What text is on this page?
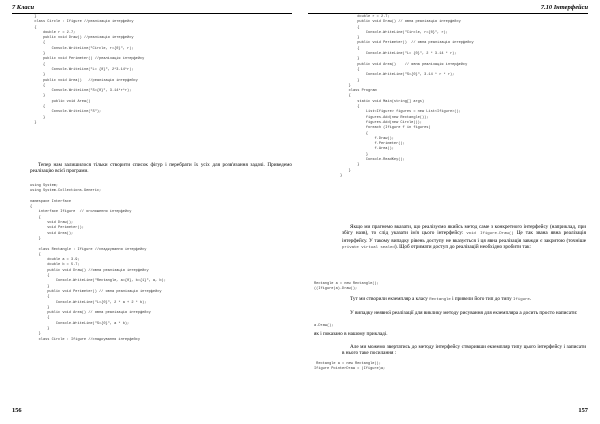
7 Класи
}
class Circle : Ifigure //реалізація інтерфейсу
{
double r = 2.7;
public void Draw() //реалізація інтерфейсу
{
Console.WriteLine("Circle, r={0}", r);
}
public void Perimeter() //реалізація інтерфейсу
{
Console.WriteLine("L= {0}", 2*3.14*r);
}
public void Area()   //реалізація інтерфейсу
{
Console.WriteLine("S={0}", 3.14*r*r);
}
public void Area()
{
Console.WriteLine("S");
}
}

Тепер нам залишилося тільки створити список фігур і перебрати їх усіх для розв'язання задачі. Приведемо реалізацію всієї програми.

using System;
using System.Collections.Generic;

namespace Interface
{
interface Ifigure  // оголошення інтерфейсу
{
void Draw();
void Perimeter();
void Area();
}

class Rectangle : Ifigure //спадкування інтерфейсу
{
double a = 3.9;
double b = 5.7;
public void Draw() //явна реалізація інтерфейсу
{
Console.WriteLine("Rectangle, a={0}, b={1}", a, b);
}
public void Perimeter() // явна реалізація інтерфейсу
{
Console.WriteLine("L={0}", 2 * a + 2 * b);
}
public void Area() // явна реалізація інтерфейсу
{
Console.WriteLine("S={0}", a * b);
}
}
class Circle : Ifigure //спадкування інтерфейсу
156
7.10 Інтерфейси
double r = 2.7;
public void Draw() // явна реалізація інтерфейсу
{
Console.WriteLine("Circle, r={0}", r);
}
public void Perimeter()  // явна реалізація інтерфейсу
{
Console.WriteLine("L= {0}", 2 * 3.14 * r);
}
public void Area()    // явна реалізація інтерфейсу
{
Console.WriteLine("S={0}", 3.14 * r * r);
}
}
class Program
{
static void Main(string[] args)
{
List<Ifigure> figures = new List<Ifigure>();
figures.Add(new Rectangle());
figures.Add(new Circle());
foreach (Ifigure f in figures)
{
f.Draw();
f.Perimeter();
f.Area();
}
Console.ReadKey();
}
}
}

Якщо ми прагнемо вказати, що реалізуємо якийсь метод саме з конкретного інтерфейсу (наприклад, при збігу назв), то слід указати ім'я цього інтерфейсу: void Ifigure.Draw() Це так звана явна реалізація інтерфейсу. У такому випадку рівень доступу не вказується і ця явна реалізація завжди є закритою (точніше private virtual sealed). Щоб отримати доступ до реалізацій необхідно зробити так:

Rectangle a = new Rectangle();
((Ifigure)a).Draw();

Тут ми створили екземпляр а класу Rectangle і привели його тип до типу Ifigure.

У випадку неявної реалізації для виклику методу рисування для екземпляра а досить просто написати:

a.Draw();

як і показано в нашому прикладі.

Але ми можемо звертатись до методу інтерфейсу створивши екземпляр типу цього інтерфейсу і записати в нього таке посилання :

Rectangle a = new Rectangle();
Ifigure PointerDraw = (Ifigure)a;
157
